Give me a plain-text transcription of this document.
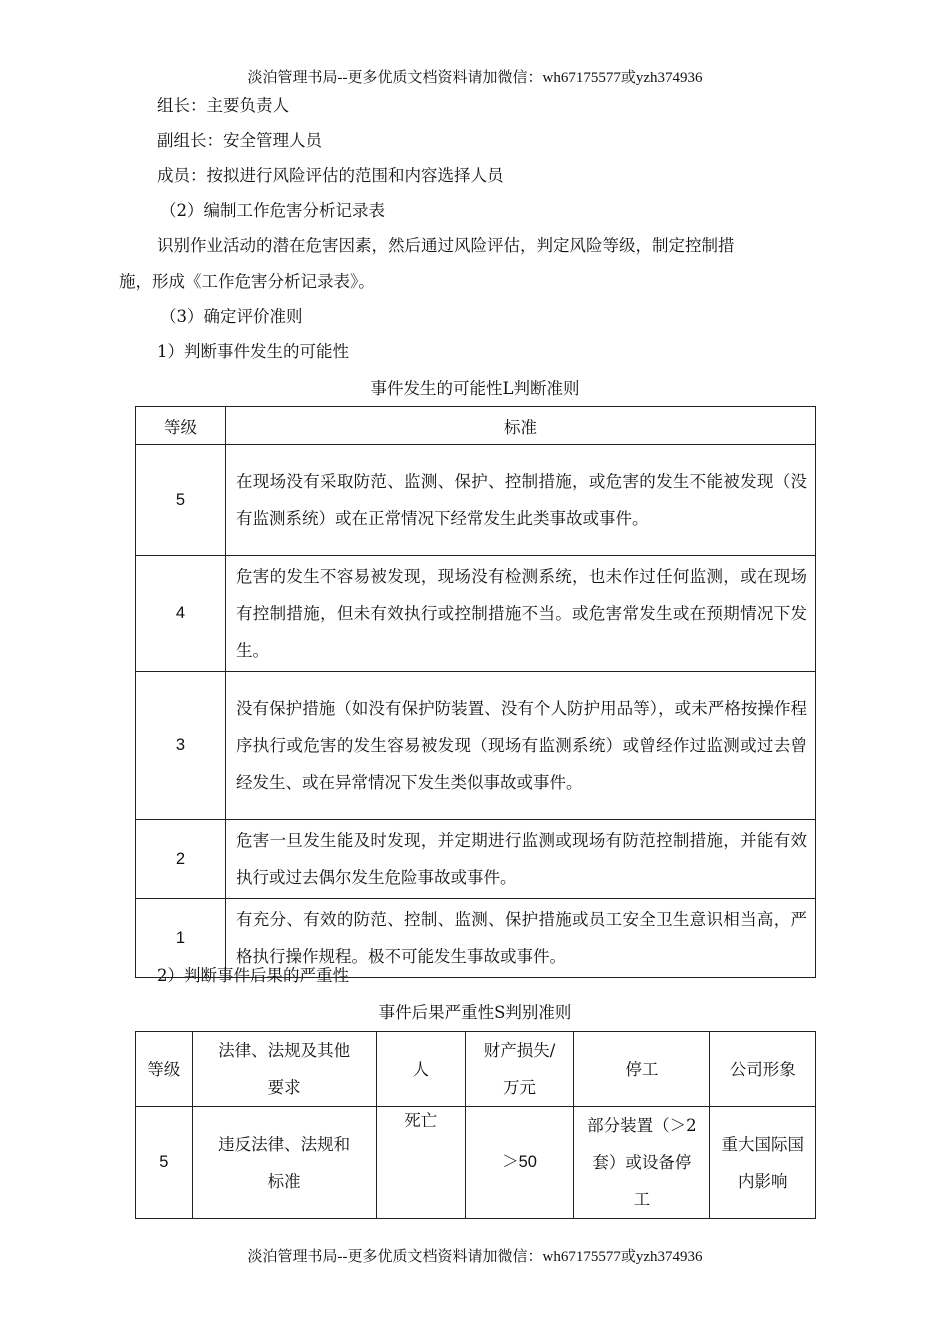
淡泊管理书局--更多优质文档资料请加微信：wh67175577或yzh374936
组长：主要负责人
副组长：安全管理人员
成员：按拟进行风险评估的范围和内容选择人员
（2）编制工作危害分析记录表
识别作业活动的潜在危害因素，然后通过风险评估，判定风险等级，制定控制措
施，形成《工作危害分析记录表》。
（3）确定评价准则
1）判断事件发生的可能性
事件发生的可能性L判断准则
等级	标准
5	在现场没有采取防范、监测、保护、控制措施，或危害的发生不能被发现（没有监测系统）或在正常情况下经常发生此类事故或事件。
4	危害的发生不容易被发现，现场没有检测系统，也未作过任何监测，或在现场有控制措施，但未有效执行或控制措施不当。或危害常发生或在预期情况下发生。
3	没有保护措施（如没有保护防装置、没有个人防护用品等），或未严格按操作程序执行或危害的发生容易被发现（现场有监测系统）或曾经作过监测或过去曾经发生、或在异常情况下发生类似事故或事件。
2	危害一旦发生能及时发现，并定期进行监测或现场有防范控制措施，并能有效执行或过去偶尔发生危险事故或事件。
1	有充分、有效的防范、控制、监测、保护措施或员工安全卫生意识相当高，严格执行操作规程。极不可能发生事故或事件。
2）判断事件后果的严重性
事件后果严重性S判别准则
等级	法律、法规及其他要求	人	财产损失/万元	停工	公司形象
5	违反法律、法规和标准	死亡	＞50	部分装置（＞2套）或设备停工	重大国际国内影响
淡泊管理书局--更多优质文档资料请加微信：wh67175577或yzh374936
